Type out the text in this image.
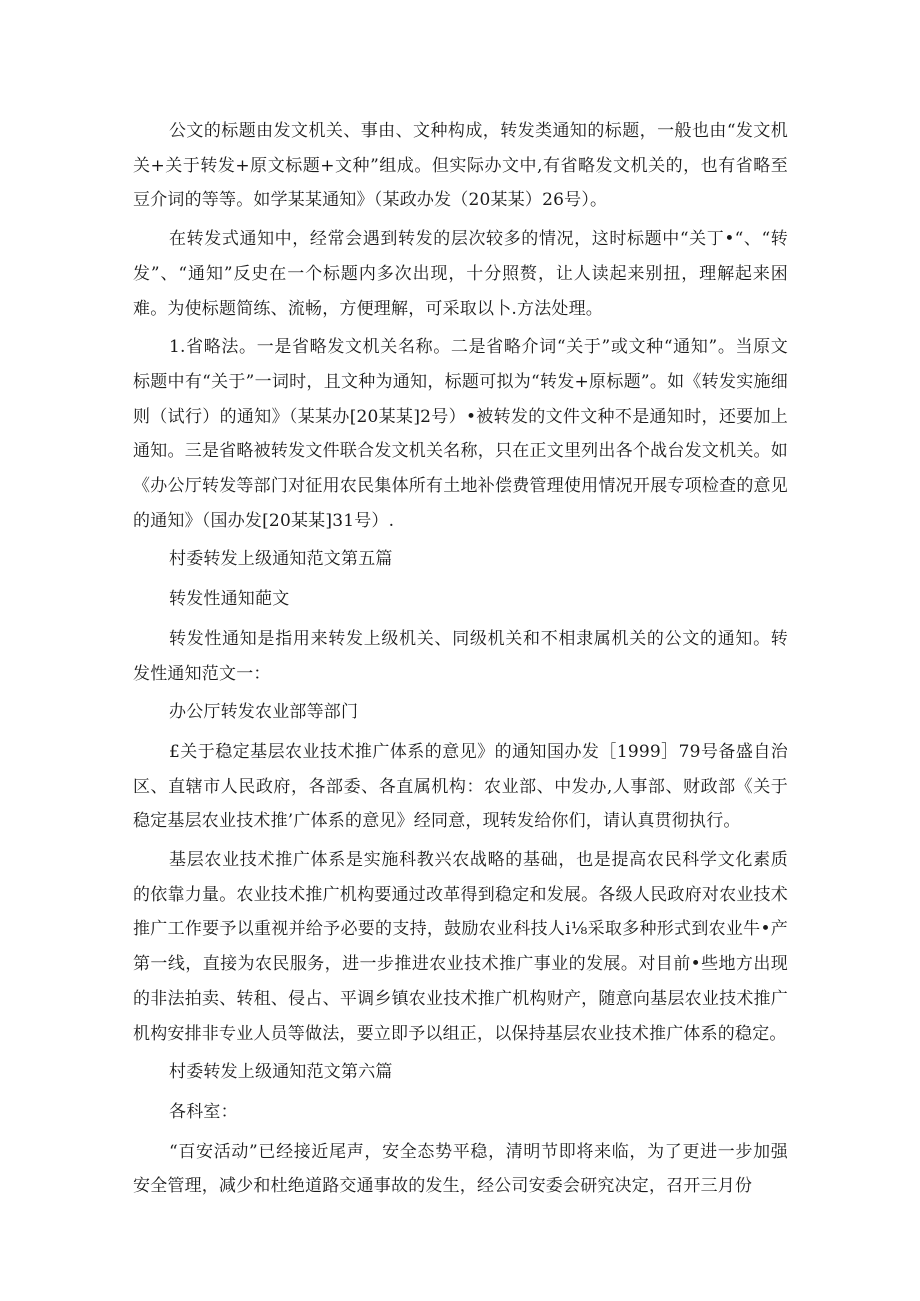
公文的标题由发文机关、事由、文种构成，转发类通知的标题，一般也由“发文机关+关于转发+原文标题+文种”组成。但实际办文中,有省略发文机关的，也有省略至豆介词的等等。如学某某通知》（某政办发（20某某）26号）。

在转发式通知中，经常会遇到转发的层次较多的情况，这时标题中“关丁•“、“转发”、“通知”反史在一个标题内多次出现，十分照赘，让人读起来别扭，理解起来困难。为使标题简练、流畅，方便理解，可采取以卜.方法处理。

1.省略法。一是省略发文机关名称。二是省略介词“关于”或文种“通知”。当原文标题中有“关于”一词时，且文种为通知，标题可拟为“转发+原标题”。如《转发实施细则（试行）的通知》（某某办[20某某]2号）•被转发的文件文种不是通知时，还要加上通知。三是省略被转发文件联合发文机关名称，只在正文里列出各个战台发文机关。如《办公厅转发等部门对征用农民集体所有土地补偿费管理使用情况开展专项检查的意见的通知》（国办发[20某某]31号）.

村委转发上级通知范文第五篇

转发性通知葩文

转发性通知是指用来转发上级机关、同级机关和不相隶属机关的公文的通知。转发性通知范文一：

办公厅转发农业部等部门

£关于稳定基层农业技术推广体系的意见》的通知国办发［1999］79号备盛自治区、直辖市人民政府，各部委、各直属机构：农业部、中发办,人事部、财政部《关于稳定基层农业技术推’广体系的意见》经同意，现转发给你们，请认真贯彻执行。

基层农业技术推广体系是实施科教兴农战略的基础，也是提高农民科学文化素质的依靠力量。农业技术推广机构要通过改革得到稳定和发展。各级人民政府对农业技术推广工作要予以重视并给予必要的支持，鼓励农业科技人i⅛采取多种形式到农业牛•产第一线，直接为农民服务，进一步推进农业技术推广事业的发展。对目前•些地方出现的非法拍卖、转租、侵占、平调乡镇农业技术推广机构财产，随意向基层农业技术推广机构安排非专业人员等做法，要立即予以组正，以保持基层农业技术推广体系的稳定。

村委转发上级通知范文第六篇

各科室：

“百安活动”已经接近尾声，安全态势平稳，清明节即将来临，为了更进一步加强安全管理，减少和杜绝道路交通事故的发生，经公司安委会研究决定，召开三月份
